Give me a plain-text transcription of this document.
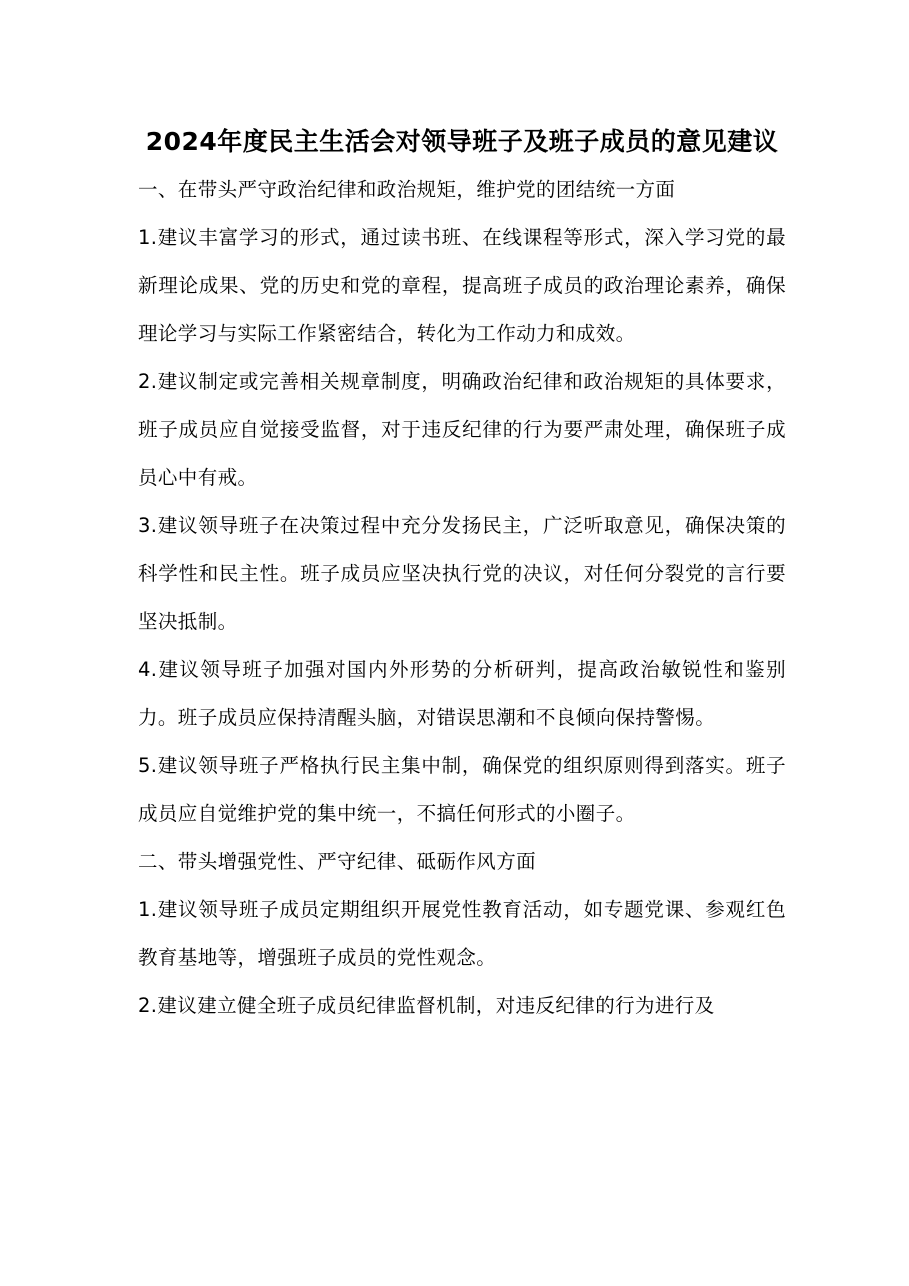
2024年度民主生活会对领导班子及班子成员的意见建议

一、在带头严守政治纪律和政治规矩，维护党的团结统一方面

1.建议丰富学习的形式，通过读书班、在线课程等形式，深入学习党的最新理论成果、党的历史和党的章程，提高班子成员的政治理论素养，确保理论学习与实际工作紧密结合，转化为工作动力和成效。

2.建议制定或完善相关规章制度，明确政治纪律和政治规矩的具体要求，班子成员应自觉接受监督，对于违反纪律的行为要严肃处理，确保班子成员心中有戒。

3.建议领导班子在决策过程中充分发扬民主，广泛听取意见，确保决策的科学性和民主性。班子成员应坚决执行党的决议，对任何分裂党的言行要坚决抵制。

4.建议领导班子加强对国内外形势的分析研判，提高政治敏锐性和鉴别力。班子成员应保持清醒头脑，对错误思潮和不良倾向保持警惕。

5.建议领导班子严格执行民主集中制，确保党的组织原则得到落实。班子成员应自觉维护党的集中统一，不搞任何形式的小圈子。

二、带头增强党性、严守纪律、砥砺作风方面

1.建议领导班子成员定期组织开展党性教育活动，如专题党课、参观红色教育基地等，增强班子成员的党性观念。

2.建议建立健全班子成员纪律监督机制，对违反纪律的行为进行及
